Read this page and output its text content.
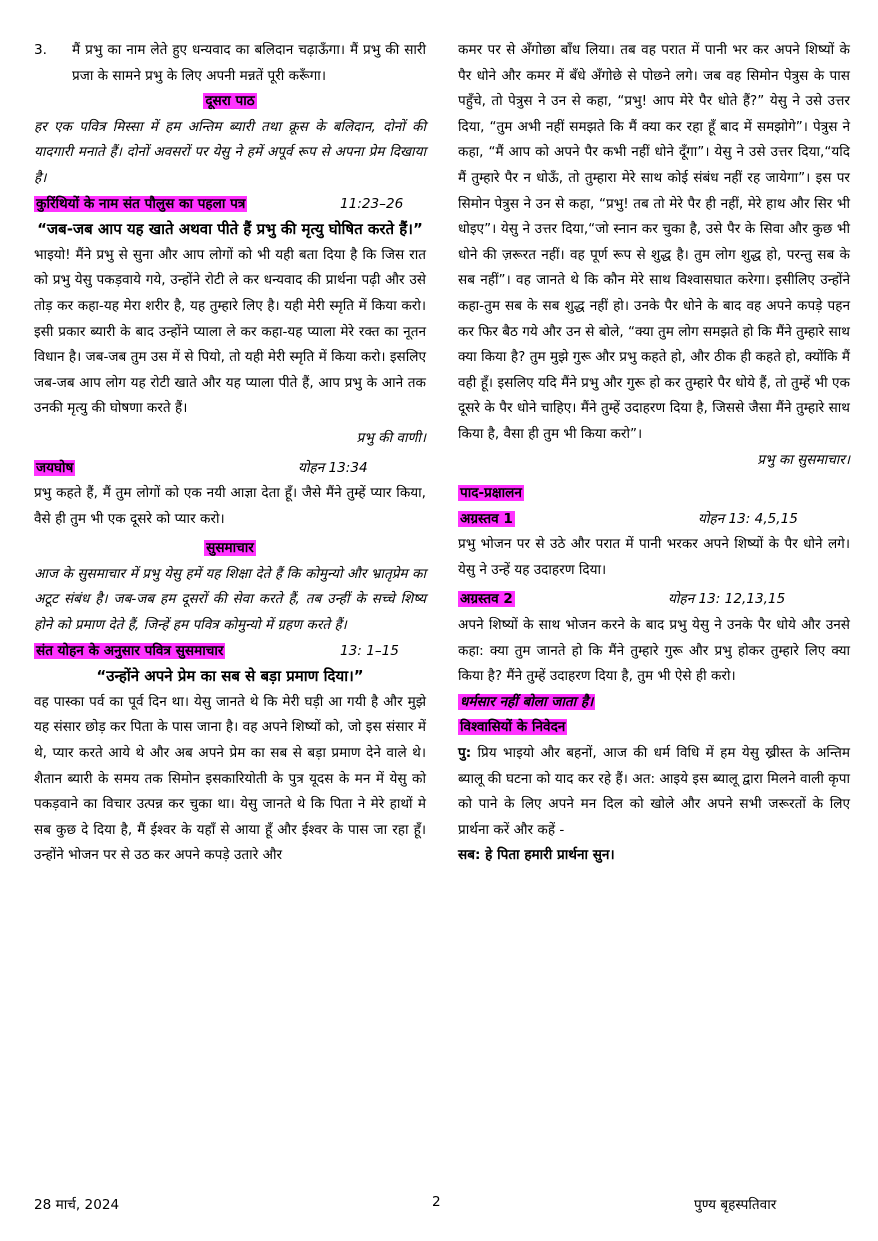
3.	मैं प्रभु का नाम लेते हुए धन्यवाद का बलिदान चढ़ाऊँगा। मैं प्रभु की सारी प्रजा के सामने प्रभु के लिए अपनी मन्नतें पूरी करूँगा।
दूसरा पाठ

हर एक पवित्र मिस्सा में हम अन्तिम ब्यारी तथा क्रूस के बलिदान, दोनों की यादगारी मनाते हैं। दोनों अवसरों पर येसु ने हमें अपूर्व रूप से अपना प्रेम दिखाया है।

कुरिंथियों के नाम संत पौलुस का पहला पत्र	11:23–26

“जब-जब आप यह खाते अथवा पीते हैं प्रभु की मृत्यु घोषित करते हैं।”

भाइयो! मैंने प्रभु से सुना और आप लोगों को भी यही बता दिया है कि जिस रात को प्रभु येसु पकड़वाये गये, उन्होंने रोटी ले कर धन्यवाद की प्रार्थना पढ़ी और उसे तोड़ कर कहा-यह मेरा शरीर है, यह तुम्हारे लिए है। यही मेरी स्मृति में किया करो। इसी प्रकार ब्यारी के बाद उन्होंने प्याला ले कर कहा-यह प्याला मेरे रक्त का नूतन विधान है। जब-जब तुम उस में से पियो, तो यही मेरी स्मृति में किया करो। इसलिए जब-जब आप लोग यह रोटी खाते और यह प्याला पीते हैं, आप प्रभु के आने तक उनकी मृत्यु की घोषणा करते हैं।

प्रभु की वाणी।

जयघोष	योहन 13:34

प्रभु कहते हैं, मैं तुम लोगों को एक नयी आज्ञा देता हूँ। जैसे मैंने तुम्हें प्यार किया, वैसे ही तुम भी एक दूसरे को प्यार करो।

सुसमाचार

आज के सुसमाचार में प्रभु येसु हमें यह शिक्षा देते हैं कि कोमुन्यो और भ्रातृप्रेम का अटूट संबंध है। जब-जब हम दूसरों की सेवा करते हैं, तब उन्हीं के सच्चे शिष्य होने को प्रमाण देते हैं, जिन्हें हम पवित्र कोमुन्यो में ग्रहण करते हैं।

संत योहन के अनुसार पवित्र सुसमाचार	13: 1–15

“उन्होंने अपने प्रेम का सब से बड़ा प्रमाण दिया।”

वह पास्का पर्व का पूर्व दिन था। येसु जानते थे कि मेरी घड़ी आ गयी है और मुझे यह संसार छोड़ कर पिता के पास जाना है। वह अपने शिष्यों को, जो इस संसार में थे, प्यार करते आये थे और अब अपने प्रेम का सब से बड़ा प्रमाण देने वाले थे। शैतान ब्यारी के समय तक सिमोन इसकारियोती के पुत्र यूदस के मन में येसु को पकड़वाने का विचार उत्पन्न कर चुका था। येसु जानते थे कि पिता ने मेरे हाथों मे सब कुछ दे दिया है, मैं ईश्वर के यहाँ से आया हूँ और ईश्वर के पास जा रहा हूँ। उन्होंने भोजन पर से उठ कर अपने कपड़े उतारे और

कमर पर से अँगोछा बाँध लिया। तब वह परात में पानी भर कर अपने शिष्यों के पैर धोने और कमर में बँधे अँगोछे से पोछने लगे। जब वह सिमोन पेत्रुस के पास पहुँचे, तो पेत्रुस ने उन से कहा, “प्रभु! आप मेरे पैर धोते हैं?” येसु ने उसे उत्तर दिया, “तुम अभी नहीं समझते कि मैं क्या कर रहा हूँ बाद में समझोगे”। पेत्रुस ने कहा, “मैं आप को अपने पैर कभी नहीं धोने दूँगा”। येसु ने उसे उत्तर दिया,“यदि मैं तुम्हारे पैर न धोऊँ, तो तुम्हारा मेरे साथ कोई संबंध नहीं रह जायेगा”। इस पर सिमोन पेत्रुस ने उन से कहा, “प्रभु! तब तो मेरे पैर ही नहीं, मेरे हाथ और सिर भी धोइए”। येसु ने उत्तर दिया,“जो स्नान कर चुका है, उसे पैर के सिवा और कुछ भी धोने की ज़रूरत नहीं। वह पूर्ण रूप से शुद्ध है। तुम लोग शुद्ध हो, परन्तु सब के सब नहीं”। वह जानते थे कि कौन मेरे साथ विश्वासघात करेगा। इसीलिए उन्होंने कहा-तुम सब के सब शुद्ध नहीं हो। उनके पैर धोने के बाद वह अपने कपड़े पहन कर फिर बैठ गये और उन से बोले, “क्या तुम लोग समझते हो कि मैंने तुम्हारे साथ क्या किया है? तुम मुझे गुरू और प्रभु कहते हो, और ठीक ही कहते हो, क्योंकि मैं वही हूँ। इसलिए यदि मैंने प्रभु और गुरू हो कर तुम्हारे पैर धोये हैं, तो तुम्हें भी एक दूसरे के पैर धोने चाहिए। मैंने तुम्हें उदाहरण दिया है, जिससे जैसा मैंने तुम्हारे साथ किया है, वैसा ही तुम भी किया करो”।

प्रभु का सुसमाचार।

पाद-प्रक्षालन
अग्रस्तव 1	योहन 13: 4,5,15

प्रभु भोजन पर से उठे और परात में पानी भरकर अपने शिष्यों के पैर धोने लगे। येसु ने उन्हें यह उदाहरण दिया।

अग्रस्तव 2	योहन 13: 12,13,15

अपने शिष्यों के साथ भोजन करने के बाद प्रभु येसु ने उनके पैर धोये और उनसे कहा: क्या तुम जानते हो कि मैंने तुम्हारे गुरू और प्रभु होकर तुम्हारे लिए क्या किया है? मैंने तुम्हें उदाहरण दिया है, तुम भी ऐसे ही करो।

धर्मसार नहीं बोला जाता है।
विश्वासियों के निवेदन

पु: प्रिय भाइयो और बहनों, आज की धर्म विधि में हम येसु ख्रीस्त के अन्तिम ब्यालू की घटना को याद कर रहे हैं। अत: आइये इस ब्यालू द्वारा मिलने वाली कृपा को पाने के लिए अपने मन दिल को खोले और अपने सभी जरूरतों के लिए प्रार्थना करें और कहें -

सब: हे पिता हमारी प्रार्थना सुन।

28 मार्च, 2024	2	पुण्य बृहस्पतिवार
